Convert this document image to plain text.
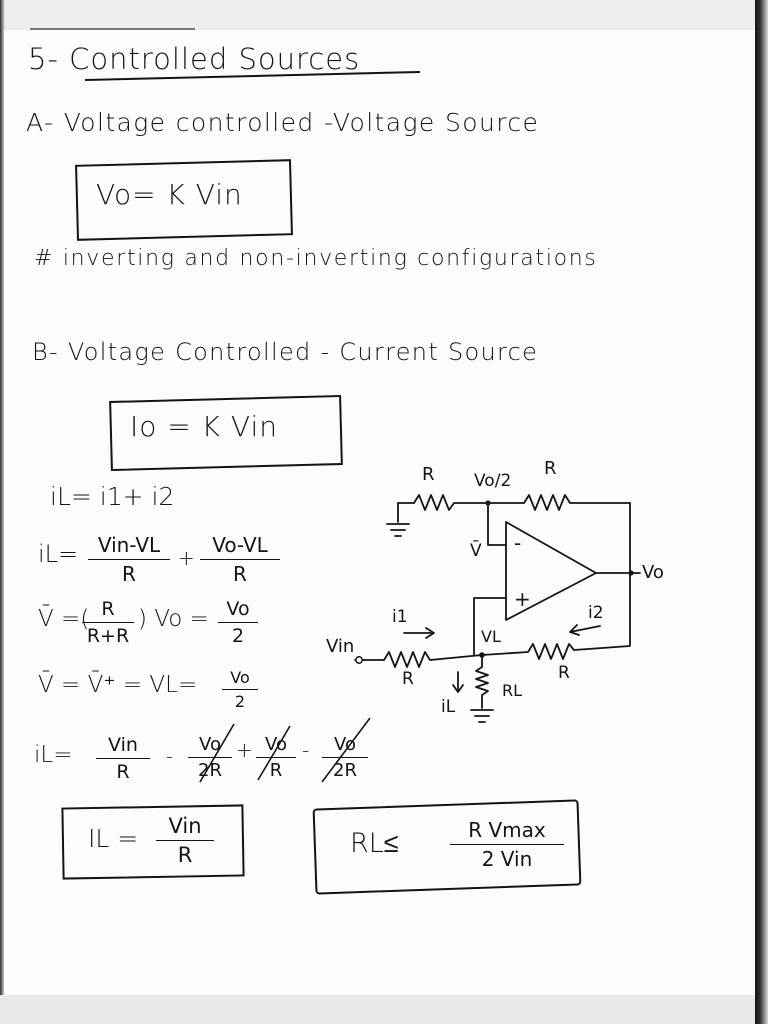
5- Controlled Sources
A- Voltage controlled -Voltage Source
Vo= K Vin
# inverting and non-inverting configurations
B- Voltage Controlled - Current Source
Io = K Vin
iL= i1+ i2
iL= Vin-VL
R
+
Vo-VL
R
V̄ =( R
R+R
) Vo = Vo
2
V̄ = V̄⁺ = VL=	Vo
2
iL=	Vin
R
-	Vo
2R
+ Vo
R
-	Vo
2R
IL =	Vin
R	RL≤	R Vmax
2 Vin
R Vo/2
R
V̄ -
+
Vo
i1	i2
VL
Vin
R	R
iL
RL
